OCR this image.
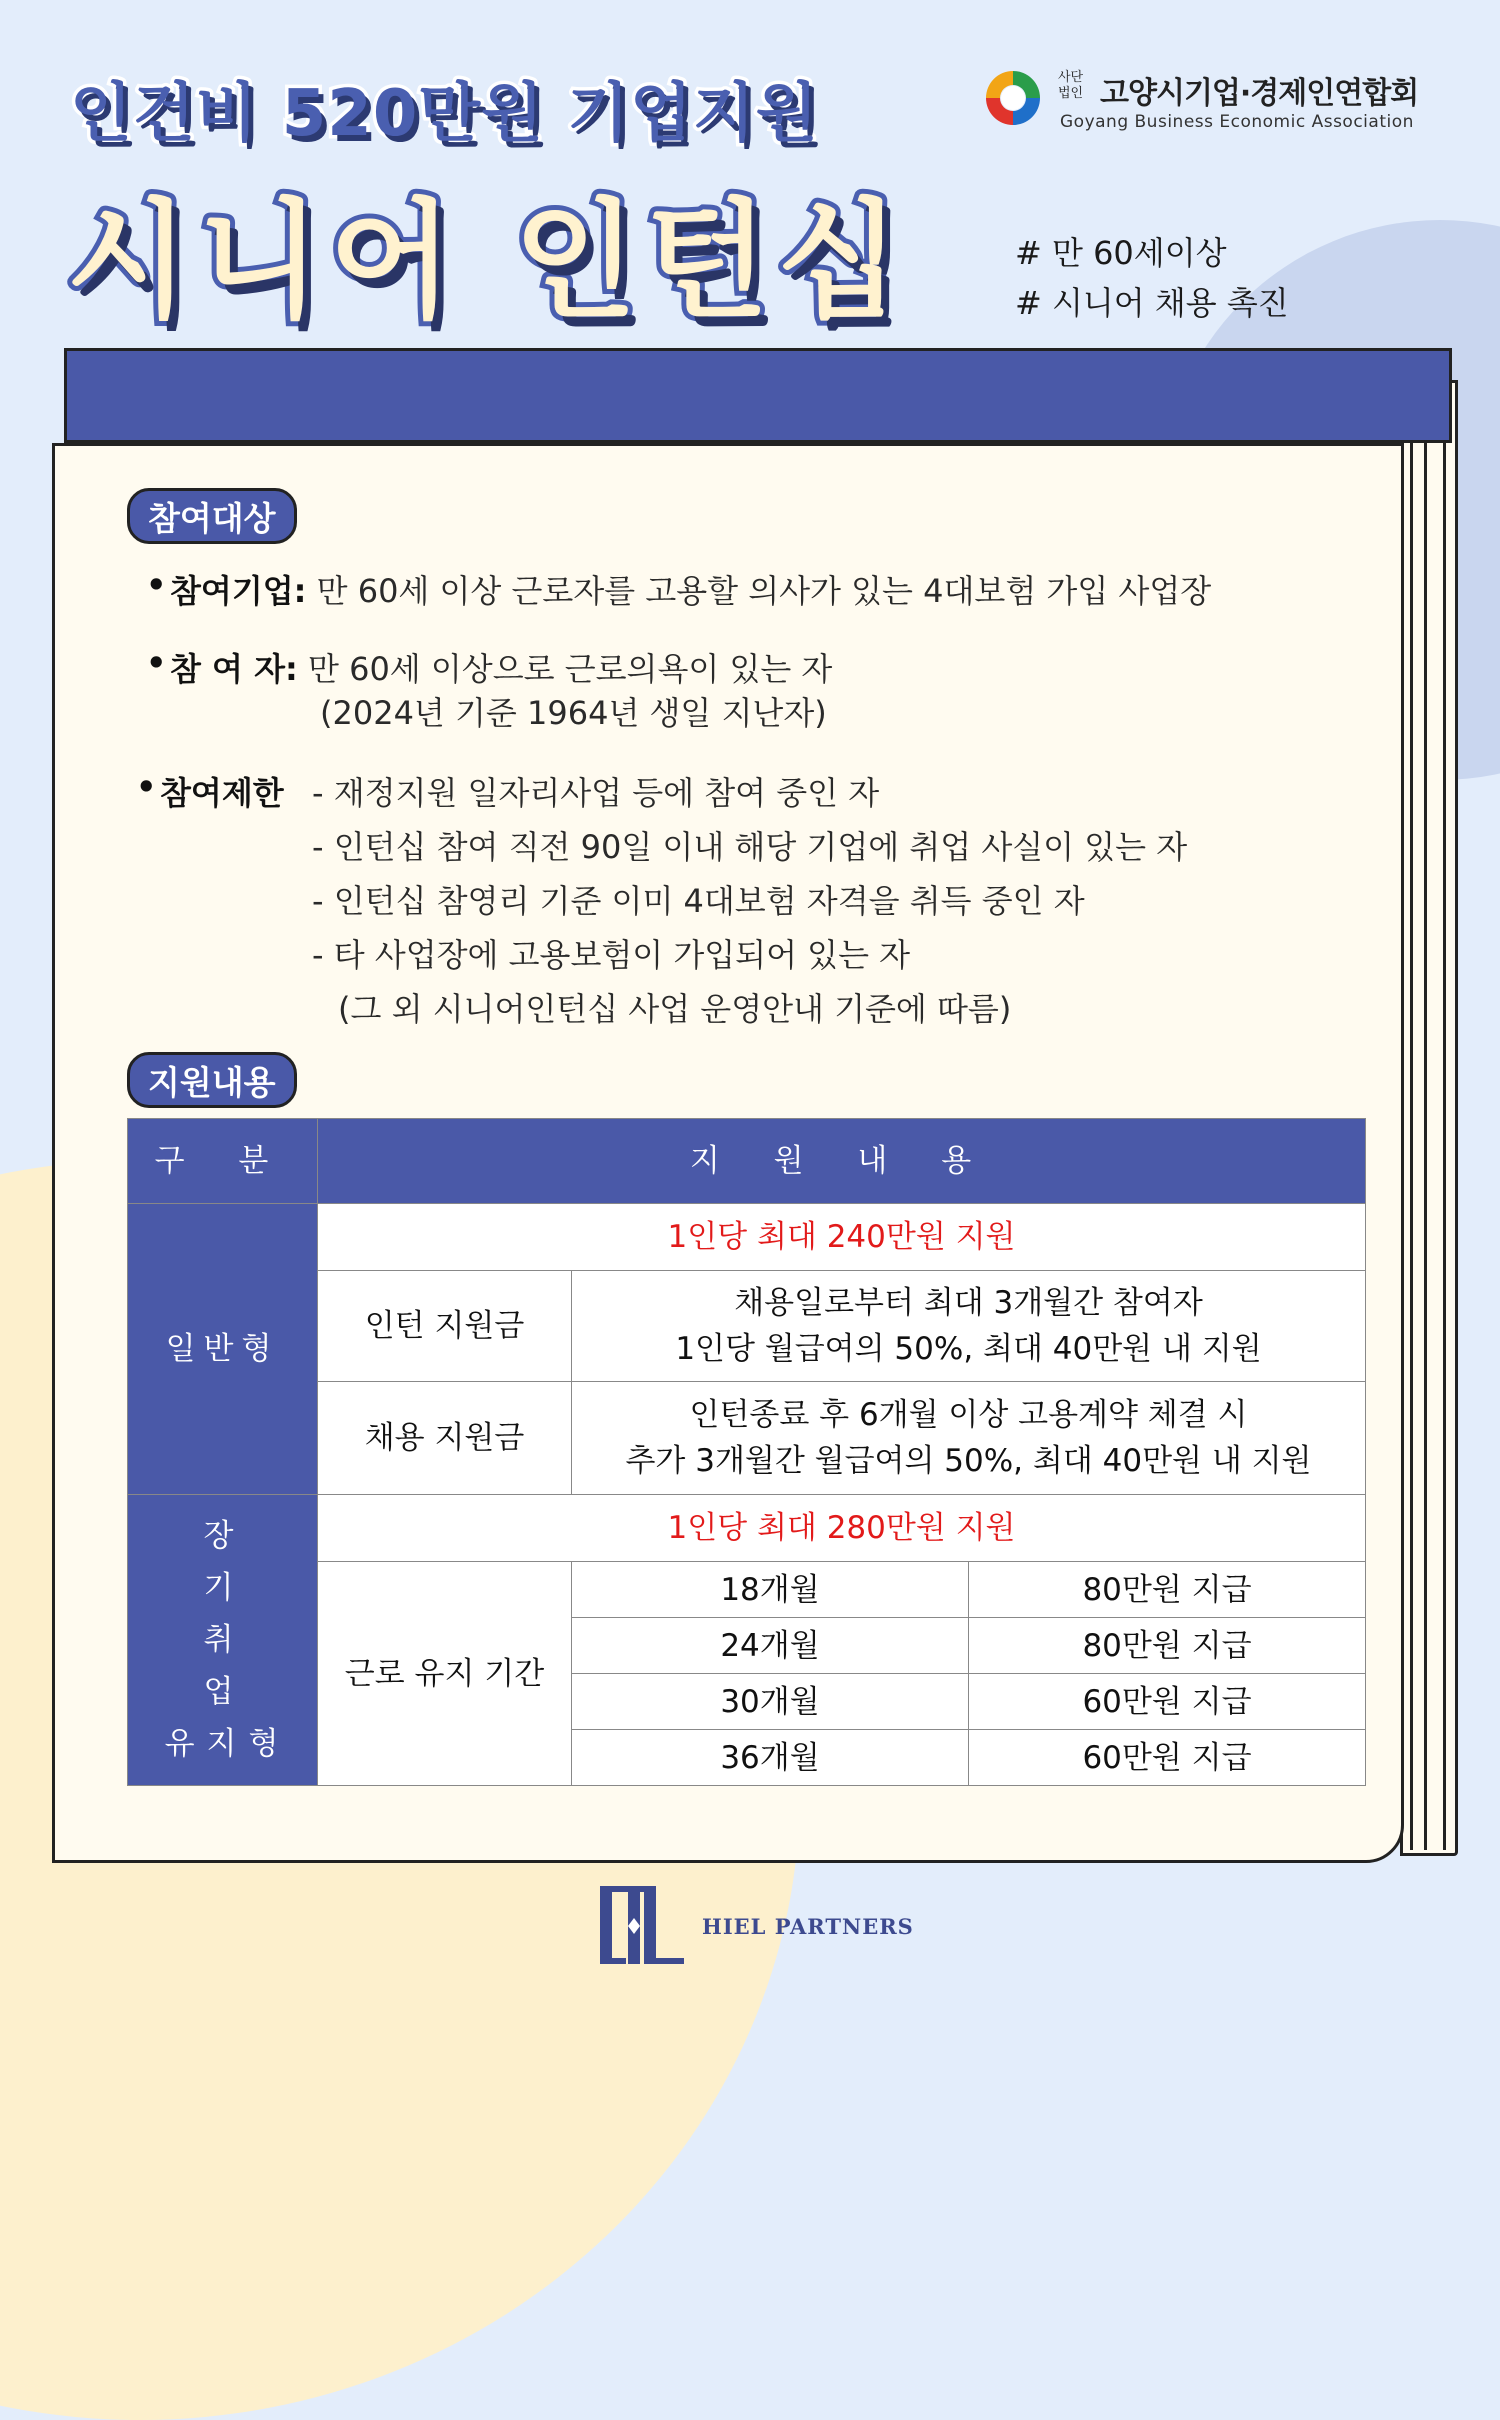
인건비 520만원 기업지원
시니어 인턴십	# 만 60세이상
# 시니어 채용 촉진
사단
법인 고양시기업·경제인연합회
Goyang Business Economic Association
참여대상
• 참여기업: 만 60세 이상 근로자를 고용할 의사가 있는 4대보험 가입 사업장
• 참 여 자: 만 60세 이상으로 근로의욕이 있는 자
(2024년 기준 1964년 생일 지난자)
• 참여제한 - 재정지원 일자리사업 등에 참여 중인 자
- 인턴십 참여 직전 90일 이내 해당 기업에 취업 사실이 있는 자
- 인턴십 참영리 기준 이미 4대보험 자격을 취득 중인 자
- 타 사업장에 고용보험이 가입되어 있는 자
(그 외 시니어인턴십 사업 운영안내 기준에 따름)
지원내용
구 분	지 원 내 용		
일반형	1인당 최대 240만원 지원		
	인턴 지원금	채용일로부터 최대 3개월간 참여자
1인당 월급여의 50%, 최대 40만원 내 지원	

	채용 지원금	인턴종료 후 6개월 이상 고용계약 체결 시
추가 3개월간 월급여의 50%, 최대 40만원 내 지원	

장 기
취 업
유지형	1인당 최대 280만원 지원		
	근로 유지 기간	18개월	80만원 지급
		24개월	80만원 지급
		30개월	60만원 지급
		36개월	60만원 지급
HIEL PARTNERS
